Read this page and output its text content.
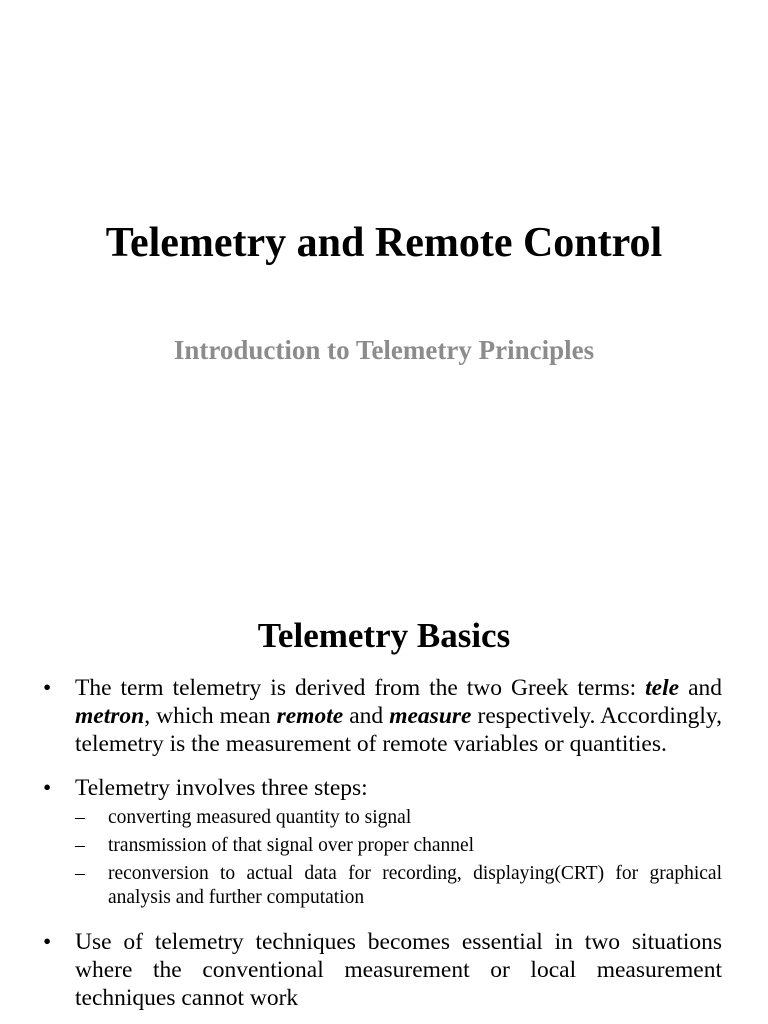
Telemetry and Remote Control
Introduction to Telemetry Principles
Telemetry Basics
• The term telemetry is derived from the two Greek terms: tele and metron, which mean remote and measure respectively. Accordingly, telemetry is the measurement of remote variables or quantities.
• Telemetry involves three steps:
– converting measured quantity to signal
– transmission of that signal over proper channel
– reconversion to actual data for recording, displaying(CRT) for graphical analysis and further computation
• Use of telemetry techniques becomes essential in two situations where the conventional measurement or local measurement techniques cannot work
